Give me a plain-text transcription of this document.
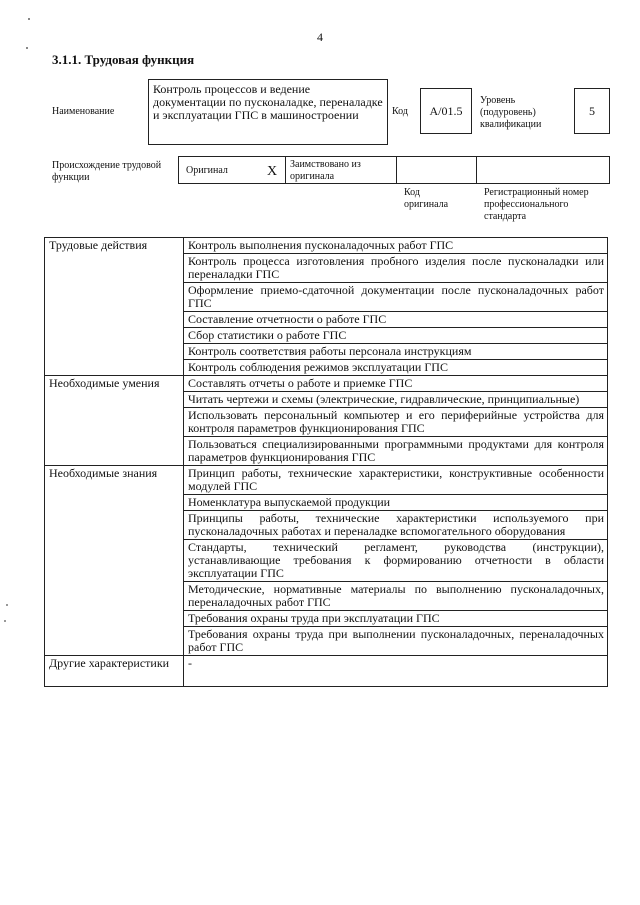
4
3.1.1. Трудовая функция
Наименование
Контроль процессов и ведение документации по пусконаладке, переналадке и эксплуатации ГПС в машиностроении	Код	A/01.5
Уровень (подуровень) квалификации
5
Происхождение трудовой функции
Оригинал	X	Заимствовано из оригинала
Код оригинала
Регистрационный номер профессионального стандарта
Трудовые действия	Контроль выполнения пусконаладочных работ ГПС
	Контроль процесса изготовления пробного изделия после пусконаладки или переналадки ГПС
	Оформление приемо-сдаточной документации после пусконаладочных работ ГПС
	Составление отчетности о работе ГПС
	Сбор статистики о работе ГПС
	Контроль соответствия работы персонала инструкциям
	Контроль соблюдения режимов эксплуатации ГПС
Необходимые умения	Составлять отчеты о работе и приемке ГПС
	Читать чертежи и схемы (электрические, гидравлические, принципиальные)
	Использовать персональный компьютер и его периферийные устройства для контроля параметров функционирования ГПС
	Пользоваться специализированными программными продуктами для контроля параметров функционирования ГПС
Необходимые знания	Принцип работы, технические характеристики, конструктивные особенности модулей ГПС
	Номенклатура выпускаемой продукции
	Принципы работы, технические характеристики используемого при пусконаладочных работах и переналадке вспомогательного оборудования
	Стандарты, технический регламент, руководства (инструкции), устанавливающие требования к формированию отчетности в области эксплуатации ГПС
	Методические, нормативные материалы по выполнению пусконаладочных, переналадочных работ ГПС
	Требования охраны труда при эксплуатации ГПС
	Требования охраны труда при выполнении пусконаладочных, переналадочных работ ГПС
Другие характеристики	-
